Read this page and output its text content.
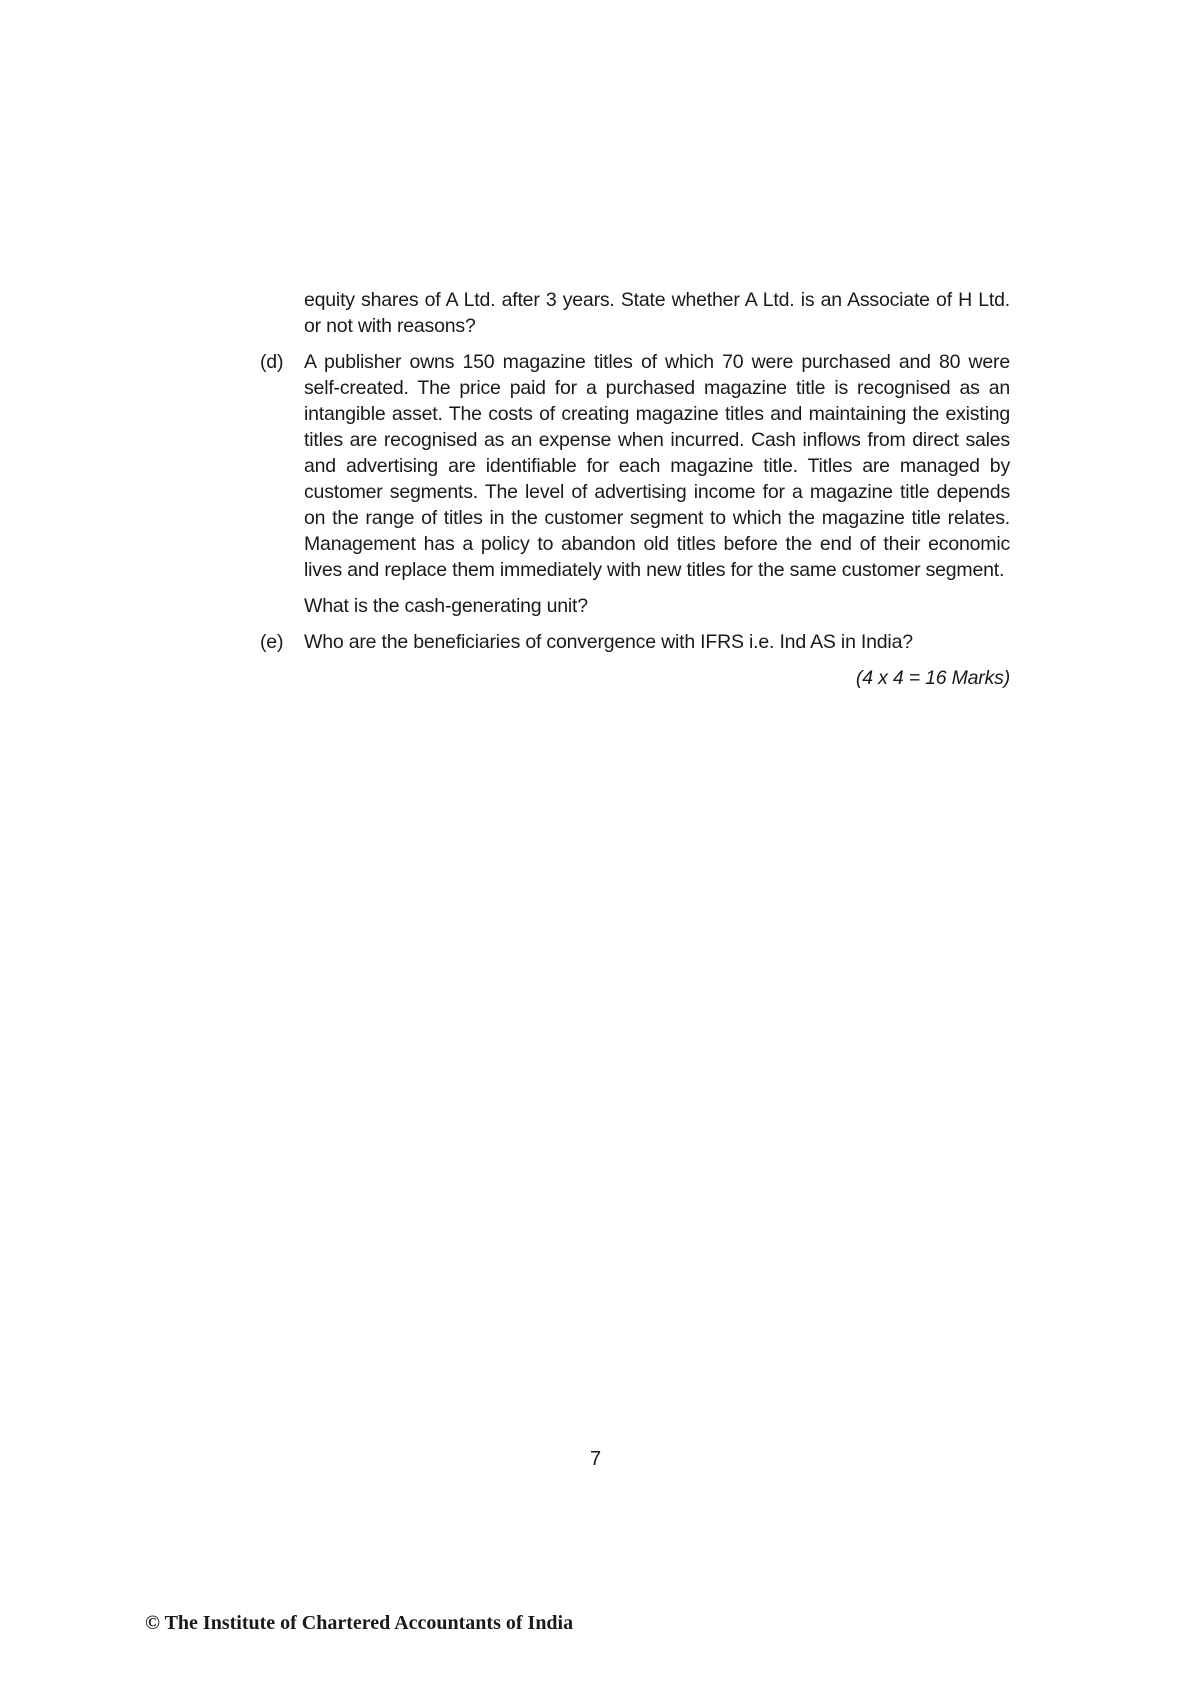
equity shares of A Ltd. after 3 years. State whether A Ltd. is an Associate of H Ltd. or not with reasons?

(d)	A publisher owns 150 magazine titles of which 70 were purchased and 80 were self-created. The price paid for a purchased magazine title is recognised as an intangible asset. The costs of creating magazine titles and maintaining the existing titles are recognised as an expense when incurred. Cash inflows from direct sales and advertising are identifiable for each magazine title. Titles are managed by customer segments. The level of advertising income for a magazine title depends on the range of titles in the customer segment to which the magazine title relates. Management has a policy to abandon old titles before the end of their economic lives and replace them immediately with new titles for the same customer segment.

What is the cash-generating unit?

(e)	Who are the beneficiaries of convergence with IFRS i.e. Ind AS in India?
(4 x 4 = 16 Marks)
7
© The Institute of Chartered Accountants of India
